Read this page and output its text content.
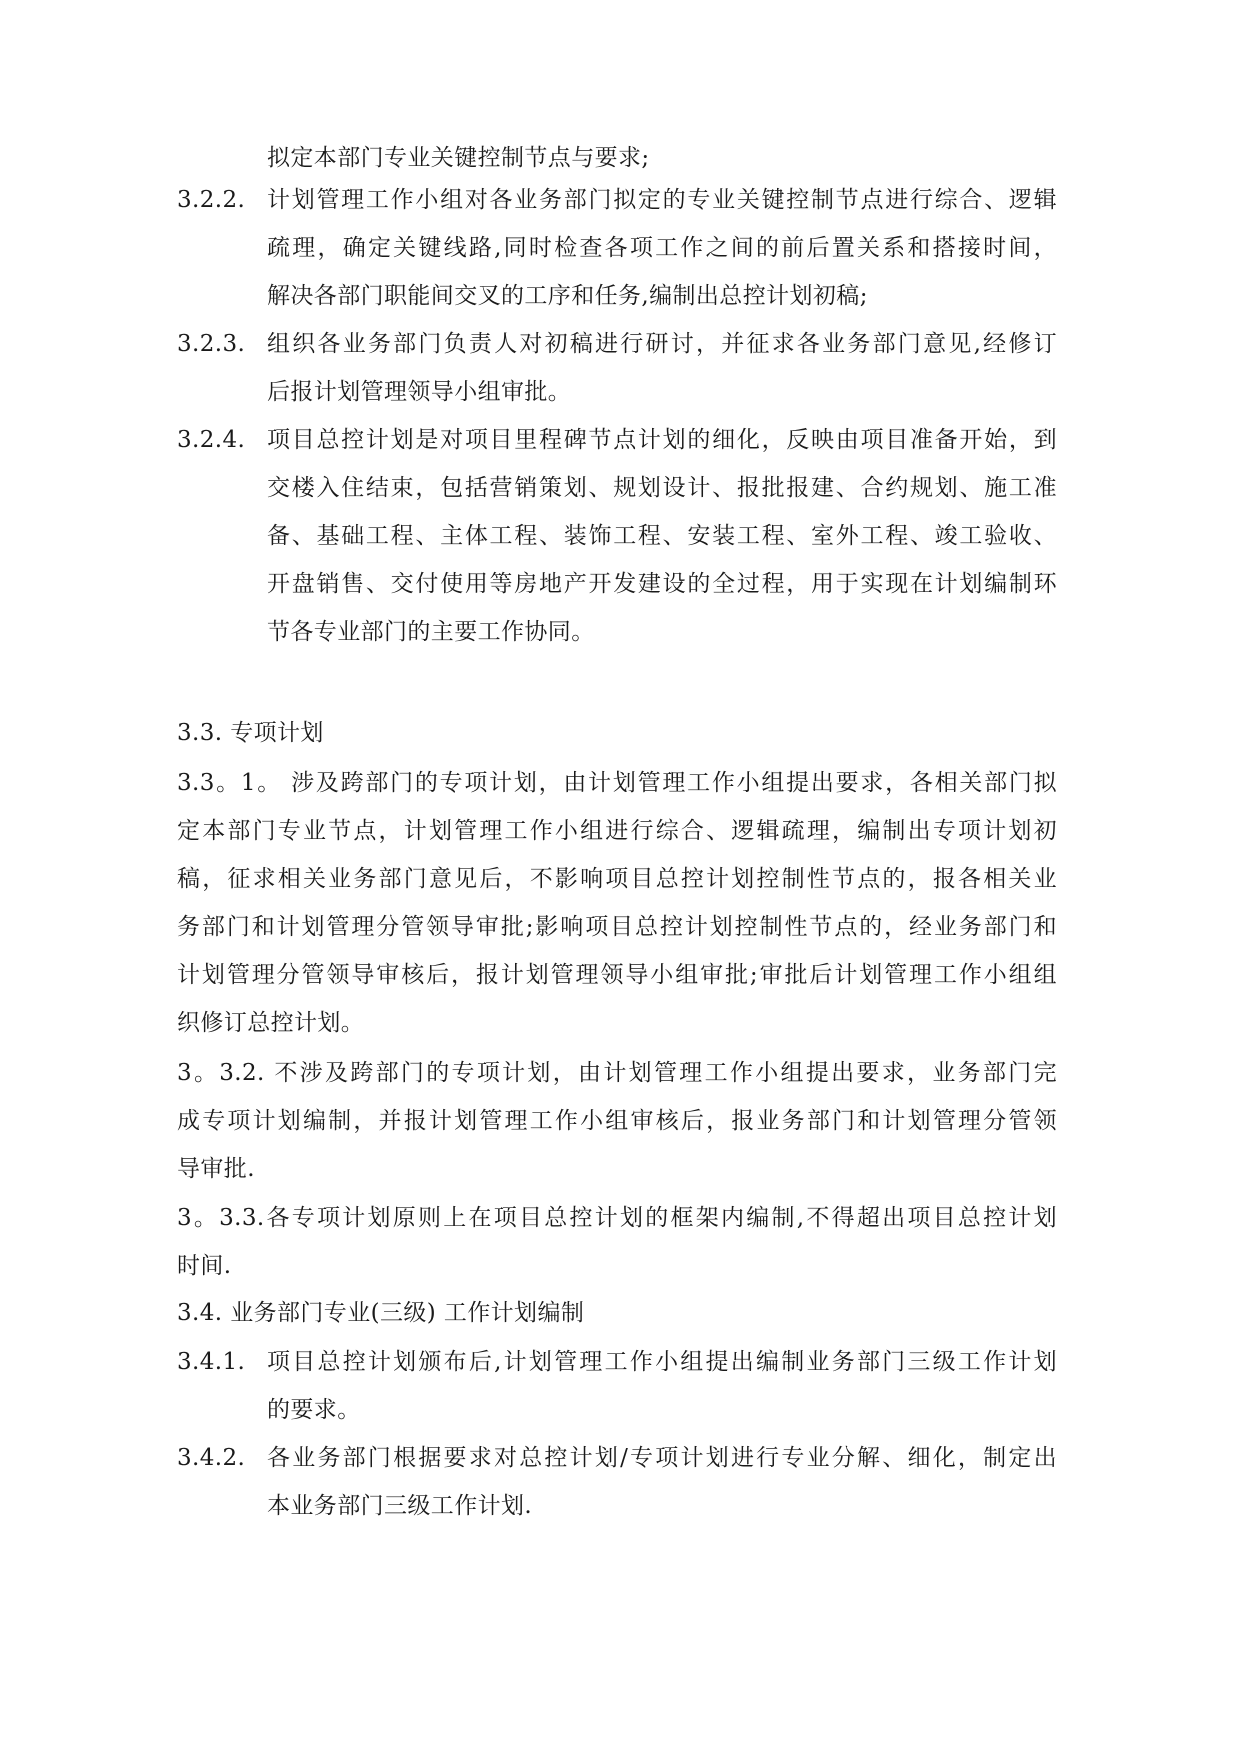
拟定本部门专业关键控制节点与要求;
3.2.2. 计划管理工作小组对各业务部门拟定的专业关键控制节点进行综合、逻辑
疏理，确定关键线路,同时检查各项工作之间的前后置关系和搭接时间，
解决各部门职能间交叉的工序和任务,编制出总控计划初稿;
3.2.3. 组织各业务部门负责人对初稿进行研讨，并征求各业务部门意见,经修订
后报计划管理领导小组审批。
3.2.4. 项目总控计划是对项目里程碑节点计划的细化，反映由项目准备开始，到
交楼入住结束，包括营销策划、规划设计、报批报建、合约规划、施工准
备、基础工程、主体工程、装饰工程、安装工程、室外工程、竣工验收、
开盘销售、交付使用等房地产开发建设的全过程，用于实现在计划编制环
节各专业部门的主要工作协同。
3.3. 专项计划
3.3。1。 涉及跨部门的专项计划，由计划管理工作小组提出要求，各相关部门拟
定本部门专业节点，计划管理工作小组进行综合、逻辑疏理，编制出专项计划初
稿，征求相关业务部门意见后，不影响项目总控计划控制性节点的，报各相关业
务部门和计划管理分管领导审批;影响项目总控计划控制性节点的，经业务部门和
计划管理分管领导审核后，报计划管理领导小组审批;审批后计划管理工作小组组
织修订总控计划。
3。3.2. 不涉及跨部门的专项计划，由计划管理工作小组提出要求，业务部门完
成专项计划编制，并报计划管理工作小组审核后，报业务部门和计划管理分管领
导审批.
3。3.3.各专项计划原则上在项目总控计划的框架内编制,不得超出项目总控计划
时间.
3.4. 业务部门专业(三级) 工作计划编制
3.4.1. 项目总控计划颁布后,计划管理工作小组提出编制业务部门三级工作计划
的要求。
3.4.2. 各业务部门根据要求对总控计划/专项计划进行专业分解、细化，制定出
本业务部门三级工作计划.
